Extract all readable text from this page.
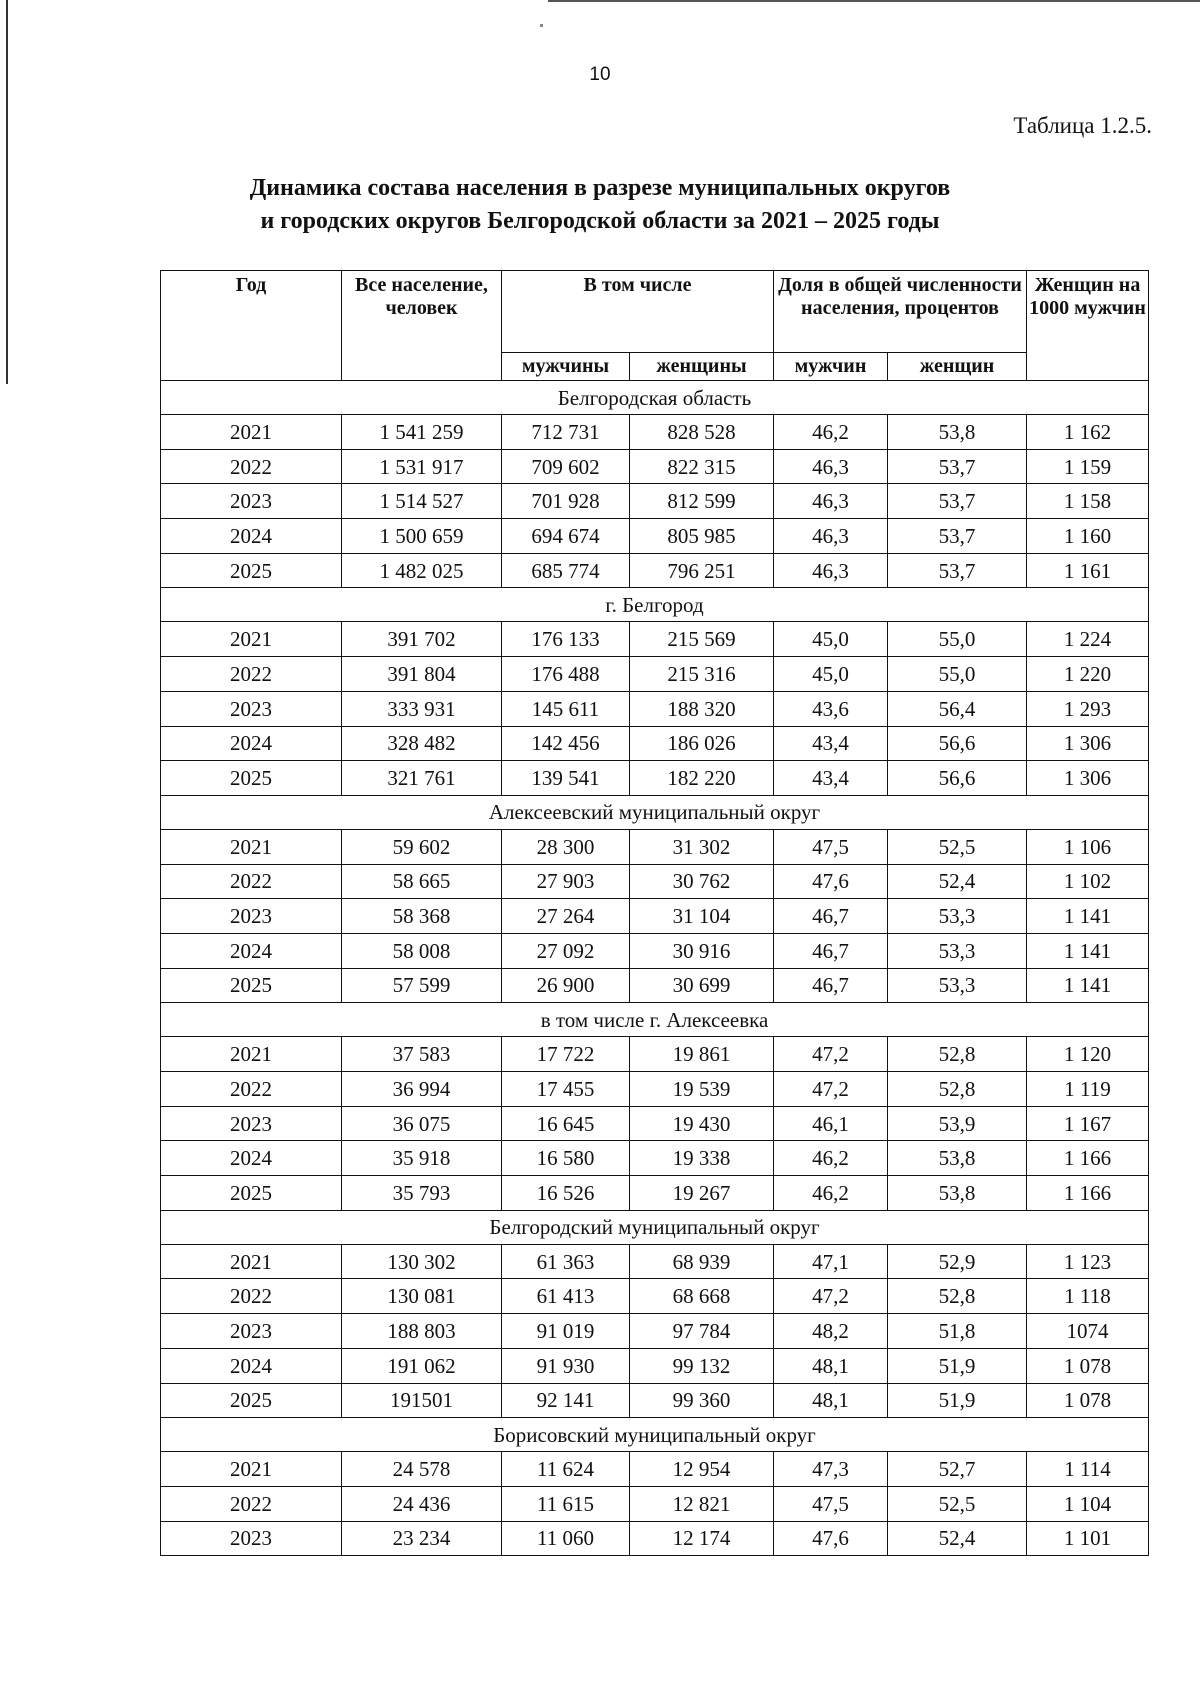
10
Таблица 1.2.5.
Динамика состава населения в разрезе муниципальных округов
и городских округов Белгородской области за 2021 – 2025 годы
Год	Все население, человек	В том числе		Доля в общей численности населения, процентов		Женщин на 1000 мужчин
		мужчины	женщины	мужчин	женщин	
Белгородская область						
2021	1 541 259	712 731	828 528	46,2	53,8	1 162
2022	1 531 917	709 602	822 315	46,3	53,7	1 159
2023	1 514 527	701 928	812 599	46,3	53,7	1 158
2024	1 500 659	694 674	805 985	46,3	53,7	1 160
2025	1 482 025	685 774	796 251	46,3	53,7	1 161
г. Белгород						
2021	391 702	176 133	215 569	45,0	55,0	1 224
2022	391 804	176 488	215 316	45,0	55,0	1 220
2023	333 931	145 611	188 320	43,6	56,4	1 293
2024	328 482	142 456	186 026	43,4	56,6	1 306
2025	321 761	139 541	182 220	43,4	56,6	1 306
Алексеевский муниципальный округ						
2021	59 602	28 300	31 302	47,5	52,5	1 106
2022	58 665	27 903	30 762	47,6	52,4	1 102
2023	58 368	27 264	31 104	46,7	53,3	1 141
2024	58 008	27 092	30 916	46,7	53,3	1 141
2025	57 599	26 900	30 699	46,7	53,3	1 141
в том числе г. Алексеевка						
2021	37 583	17 722	19 861	47,2	52,8	1 120
2022	36 994	17 455	19 539	47,2	52,8	1 119
2023	36 075	16 645	19 430	46,1	53,9	1 167
2024	35 918	16 580	19 338	46,2	53,8	1 166
2025	35 793	16 526	19 267	46,2	53,8	1 166
Белгородский муниципальный округ						
2021	130 302	61 363	68 939	47,1	52,9	1 123
2022	130 081	61 413	68 668	47,2	52,8	1 118
2023	188 803	91 019	97 784	48,2	51,8	1074
2024	191 062	91 930	99 132	48,1	51,9	1 078
2025	191501	92 141	99 360	48,1	51,9	1 078
Борисовский муниципальный округ						
2021	24 578	11 624	12 954	47,3	52,7	1 114
2022	24 436	11 615	12 821	47,5	52,5	1 104
2023	23 234	11 060	12 174	47,6	52,4	1 101
